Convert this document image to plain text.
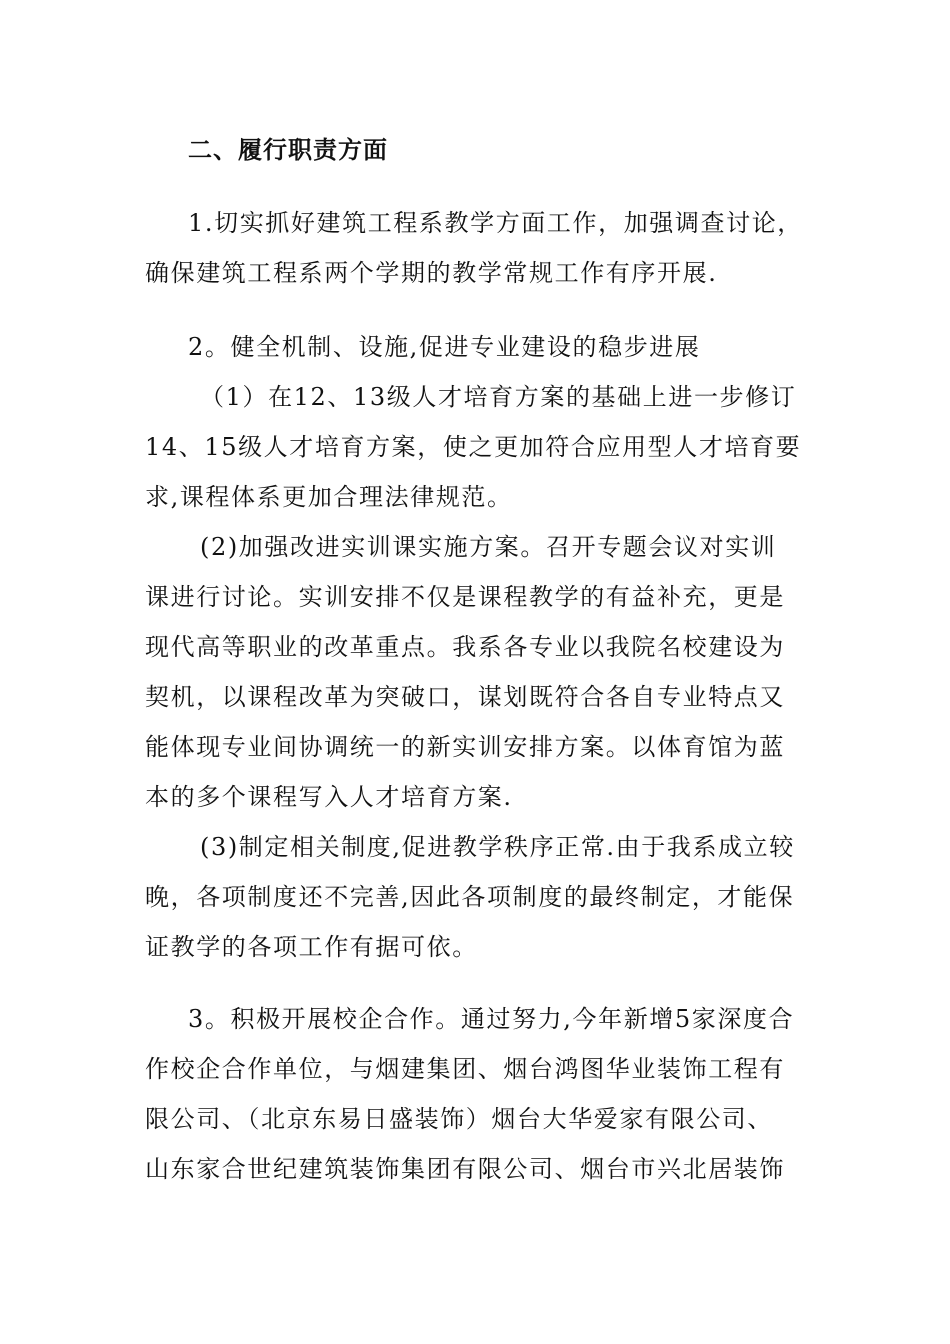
二、履行职责方面
1.切实抓好建筑工程系教学方面工作，加强调查讨论，
确保建筑工程系两个学期的教学常规工作有序开展.
2。健全机制、设施,促进专业建设的稳步进展
（1）在12、13级人才培育方案的基础上进一步修订
14、15级人才培育方案，使之更加符合应用型人才培育要
求,课程体系更加合理法律规范。
(2)加强改进实训课实施方案。召开专题会议对实训
课进行讨论。实训安排不仅是课程教学的有益补充，更是
现代高等职业的改革重点。我系各专业以我院名校建设为
契机，以课程改革为突破口，谋划既符合各自专业特点又
能体现专业间协调统一的新实训安排方案。以体育馆为蓝
本的多个课程写入人才培育方案.
(3)制定相关制度,促进教学秩序正常.由于我系成立较
晚，各项制度还不完善,因此各项制度的最终制定，才能保
证教学的各项工作有据可依。
3。积极开展校企合作。通过努力,今年新增5家深度合
作校企合作单位，与烟建集团、烟台鸿图华业装饰工程有
限公司、（北京东易日盛装饰）烟台大华爱家有限公司、
山东家合世纪建筑装饰集团有限公司、烟台市兴北居装饰
